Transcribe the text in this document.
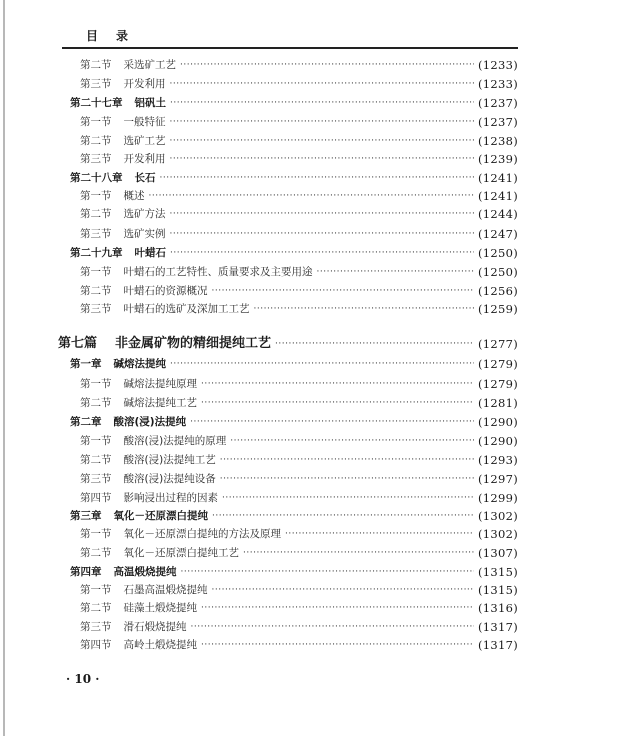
目 录
第二节 采选矿工艺 ·····	(1233)
第三节 开发利用 ·····	(1233)
第二十七章 铝矾土 ·····	(1237)
第一节 一般特征 ·····	(1237)
第二节 选矿工艺 ·····	(1238)
第三节 开发利用 ·····	(1239)
第二十八章 长石 ·····	(1241)
第一节 概述 ·····	(1241)
第二节 选矿方法 ·····	(1244)
第三节 选矿实例 ·····	(1247)
第二十九章 叶蜡石 ·····	(1250)
第一节 叶蜡石的工艺特性、质量要求及主要用途 ·····	(1250)
第二节 叶蜡石的资源概况 ·····	(1256)
第三节 叶蜡石的选矿及深加工工艺 ·····	(1259)
第七篇 非金属矿物的精细提纯工艺 ·····	(1277)
第一章 碱熔法提纯 ·····	(1279)
第一节 碱熔法提纯原理 ·····	(1279)
第二节 碱熔法提纯工艺 ·····	(1281)
第二章 酸溶(浸)法提纯 ·····	(1290)
第一节 酸溶(浸)法提纯的原理 ·····	(1290)
第二节 酸溶(浸)法提纯工艺 ·····	(1293)
第三节 酸溶(浸)法提纯设备 ·····	(1297)
第四节 影响浸出过程的因素 ·····	(1299)
第三章 氧化－还原漂白提纯 ·····	(1302)
第一节 氧化－还原漂白提纯的方法及原理 ·····	(1302)
第二节 氧化－还原漂白提纯工艺 ·····	(1307)
第四章 高温煅烧提纯 ·····	(1315)
第一节 石墨高温煅烧提纯 ·····	(1315)
第二节 硅藻土煅烧提纯 ·····	(1316)
第三节 滑石煅烧提纯 ·····	(1317)
第四节 高岭土煅烧提纯 ·····	(1317)
· 10 ·
